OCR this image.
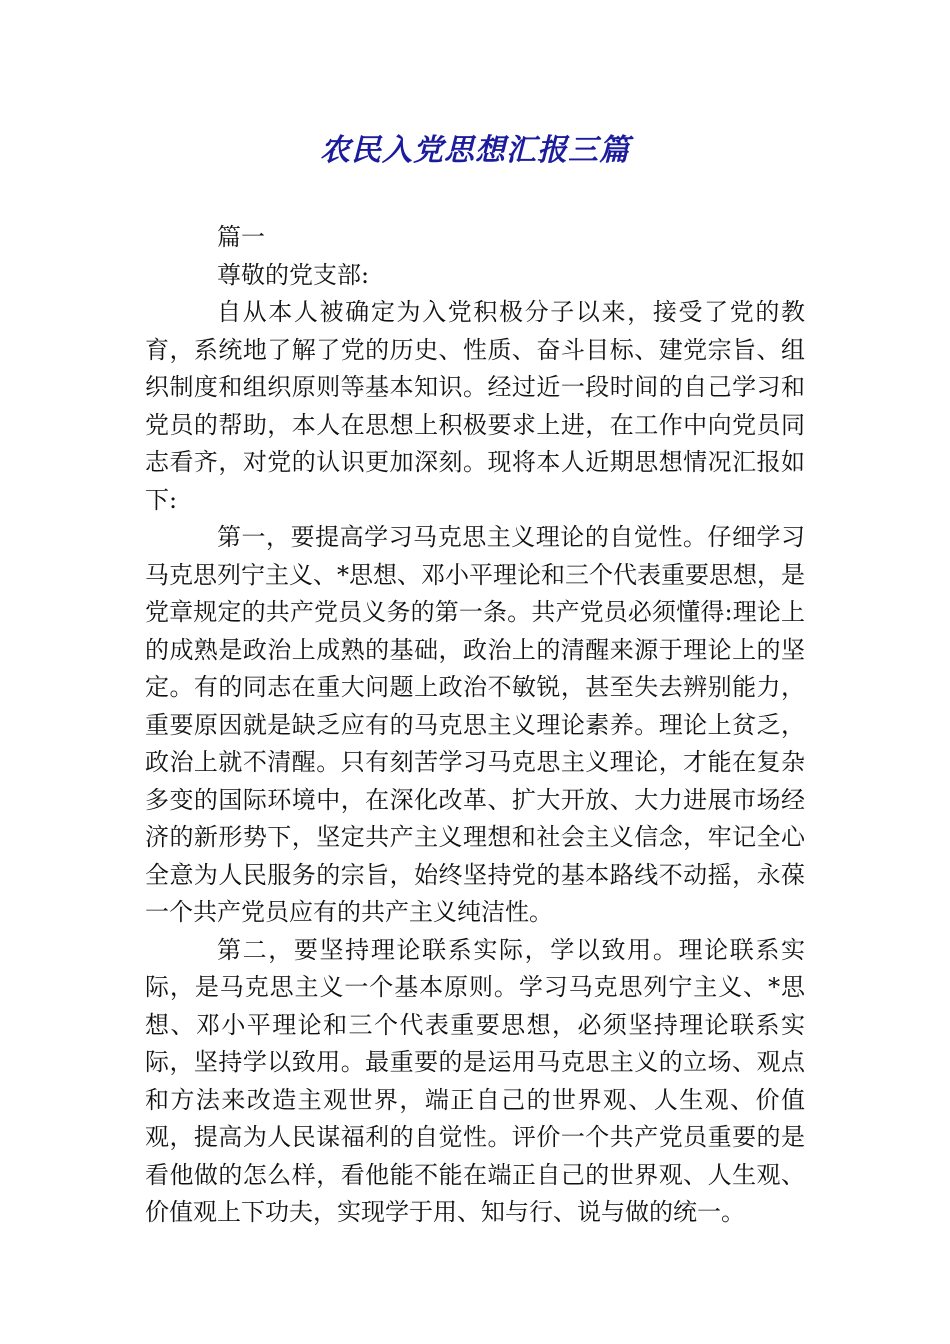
农民入党思想汇报三篇

篇一

尊敬的党支部:

自从本人被确定为入党积极分子以来，接受了党的教育，系统地了解了党的历史、性质、奋斗目标、建党宗旨、组织制度和组织原则等基本知识。经过近一段时间的自己学习和党员的帮助，本人在思想上积极要求上进，在工作中向党员同志看齐，对党的认识更加深刻。现将本人近期思想情况汇报如下:

第一，要提高学习马克思主义理论的自觉性。仔细学习马克思列宁主义、*思想、邓小平理论和三个代表重要思想，是党章规定的共产党员义务的第一条。共产党员必须懂得:理论上的成熟是政治上成熟的基础，政治上的清醒来源于理论上的坚定。有的同志在重大问题上政治不敏锐，甚至失去辨别能力，重要原因就是缺乏应有的马克思主义理论素养。理论上贫乏，政治上就不清醒。只有刻苦学习马克思主义理论，才能在复杂多变的国际环境中，在深化改革、扩大开放、大力进展市场经济的新形势下，坚定共产主义理想和社会主义信念，牢记全心全意为人民服务的宗旨，始终坚持党的基本路线不动摇，永葆一个共产党员应有的共产主义纯洁性。

第二，要坚持理论联系实际，学以致用。理论联系实际，是马克思主义一个基本原则。学习马克思列宁主义、*思想、邓小平理论和三个代表重要思想，必须坚持理论联系实际，坚持学以致用。最重要的是运用马克思主义的立场、观点和方法来改造主观世界，端正自己的世界观、人生观、价值观，提高为人民谋福利的自觉性。评价一个共产党员重要的是看他做的怎么样，看他能不能在端正自己的世界观、人生观、价值观上下功夫，实现学于用、知与行、说与做的统一。
